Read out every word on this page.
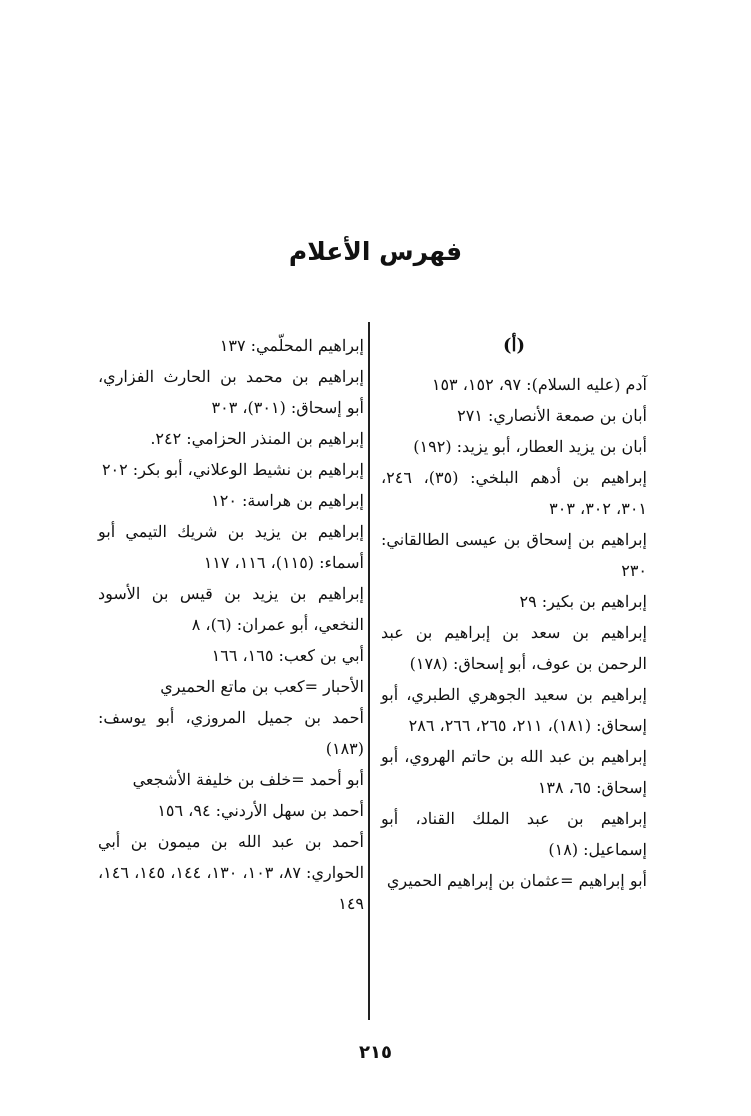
فهرس الأعلام
(أ)
آدم (عليه السلام): ٩٧، ١٥٢، ١٥٣
أبان بن صمعة الأنصاري: ٢٧١
أبان بن يزيد العطار، أبو يزيد: (١٩٢)
إبراهيم بن أدهم البلخي: (٣٥)، ٢٤٦، ٣٠١، ٣٠٢، ٣٠٣
إبراهيم بن إسحاق بن عيسى الطالقاني: ٢٣٠
إبراهيم بن بكير: ٢٩
إبراهيم بن سعد بن إبراهيم بن عبد الرحمن بن عوف، أبو إسحاق: (١٧٨)
إبراهيم بن سعيد الجوهري الطبري، أبو إسحاق: (١٨١)، ٢١١، ٢٦٥، ٢٦٦، ٢٨٦
إبراهيم بن عبد الله بن حاتم الهروي، أبو إسحاق: ٦٥، ١٣٨
إبراهيم بن عبد الملك القناد، أبو إسماعيل: (١٨)
أبو إبراهيم =عثمان بن إبراهيم الحميري
إبراهيم المحلّمي: ١٣٧
إبراهيم بن محمد بن الحارث الفزاري، أبو إسحاق: (٣٠١)، ٣٠٣
إبراهيم بن المنذر الحزامي: ٢٤٢.
إبراهيم بن نشيط الوعلاني، أبو بكر: ٢٠٢
إبراهيم بن هراسة: ١٢٠
إبراهيم بن يزيد بن شريك التيمي أبو أسماء: (١١٥)، ١١٦، ١١٧
إبراهيم بن يزيد بن قيس بن الأسود النخعي، أبو عمران: (٦)، ٨
أبي بن كعب: ١٦٥، ١٦٦
الأحبار =كعب بن ماتع الحميري
أحمد بن جميل المروزي، أبو يوسف: (١٨٣)
أبو أحمد =خلف بن خليفة الأشجعي
أحمد بن سهل الأردني: ٩٤، ١٥٦
أحمد بن عبد الله بن ميمون بن أبي الحواري: ٨٧، ١٠٣، ١٣٠، ١٤٤، ١٤٥، ١٤٦، ١٤٩
٢١٥
